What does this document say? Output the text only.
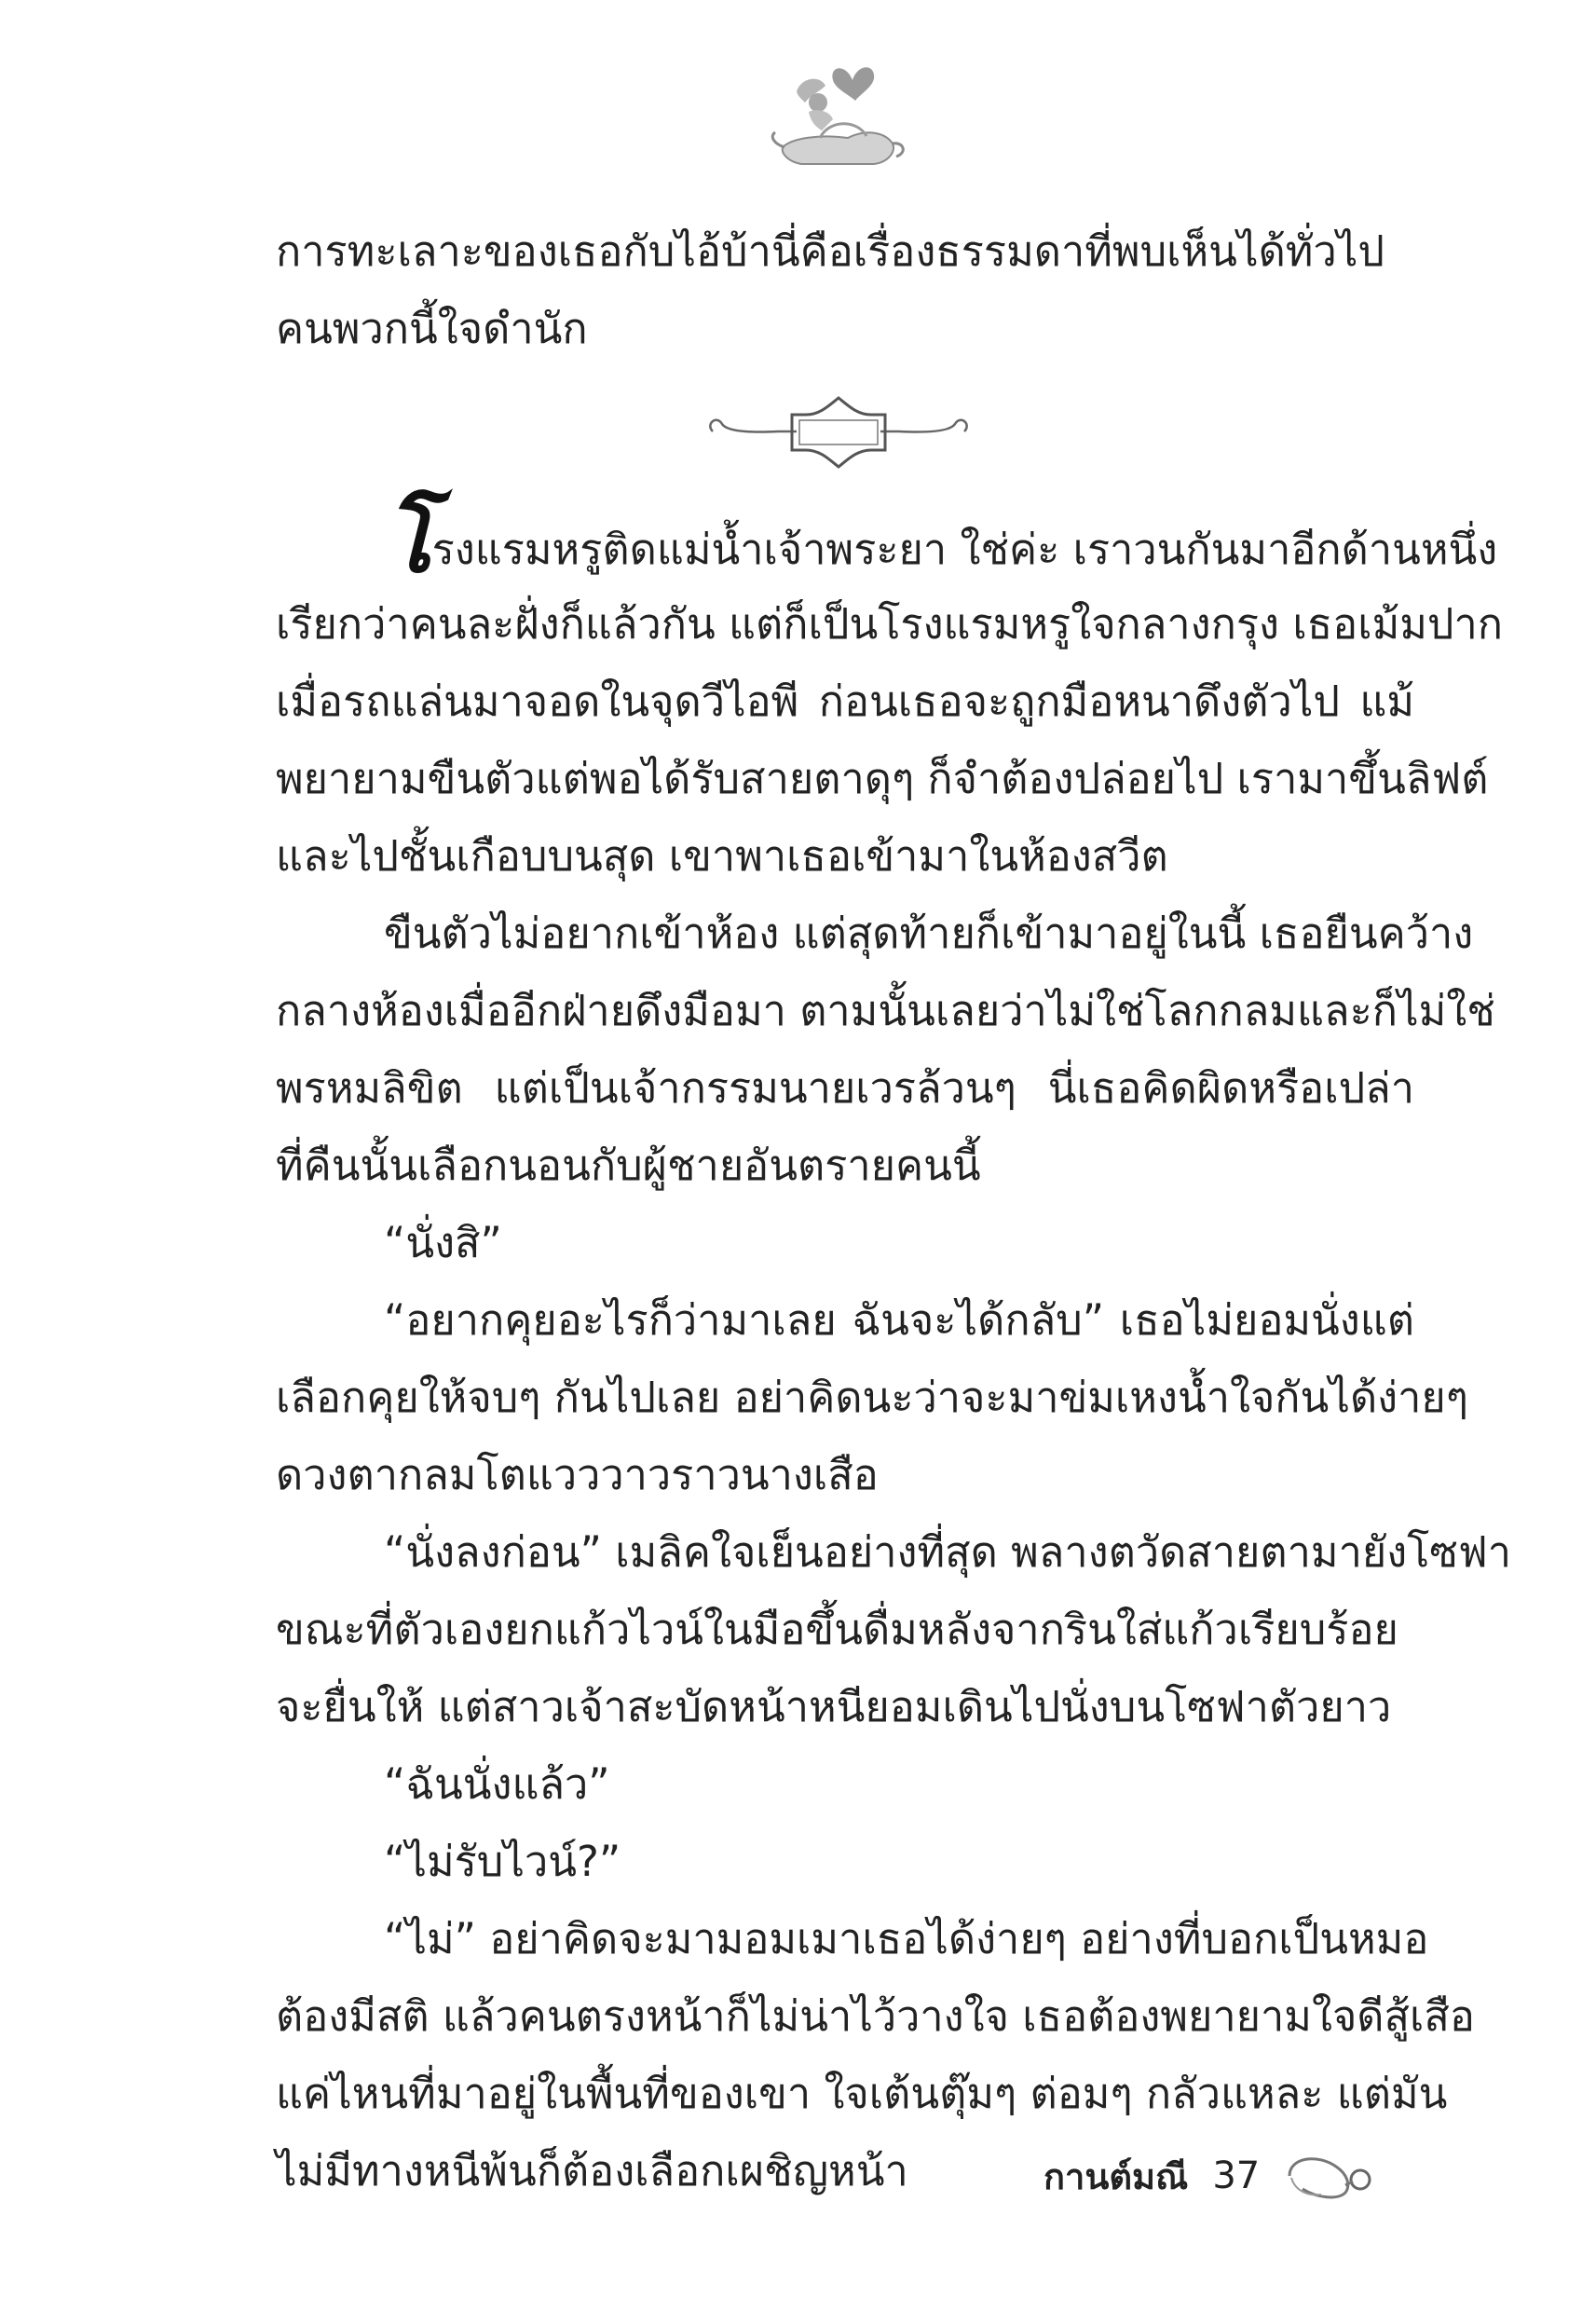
การทะเลาะของเธอกับไอ้บ้านี่คือเรื่องธรรมดาที่พบเห็นได้ทั่วไป
คนพวกนี้ใจดำนัก
โรงแรมหรูติดแม่น้ำเจ้าพระยา ใช่ค่ะ เราวนกันมาอีกด้านหนึ่ง
เรียกว่าคนละฝั่งก็แล้วกัน แต่ก็เป็นโรงแรมหรูใจกลางกรุง เธอเม้มปาก
เมื่อรถแล่นมาจอดในจุดวีไอพี ก่อนเธอจะถูกมือหนาดึงตัวไป แม้
พยายามขืนตัวแต่พอได้รับสายตาดุๆ ก็จำต้องปล่อยไป เรามาขึ้นลิฟต์
และไปชั้นเกือบบนสุด เขาพาเธอเข้ามาในห้องสวีต
ขืนตัวไม่อยากเข้าห้อง แต่สุดท้ายก็เข้ามาอยู่ในนี้ เธอยืนคว้าง
กลางห้องเมื่ออีกฝ่ายดึงมือมา ตามนั้นเลยว่าไม่ใช่โลกกลมและก็ไม่ใช่
พรหมลิขิต แต่เป็นเจ้ากรรมนายเวรล้วนๆ นี่เธอคิดผิดหรือเปล่า
ที่คืนนั้นเลือกนอนกับผู้ชายอันตรายคนนี้
“นั่งสิ”
“อยากคุยอะไรก็ว่ามาเลย ฉันจะได้กลับ” เธอไม่ยอมนั่งแต่
เลือกคุยให้จบๆ กันไปเลย อย่าคิดนะว่าจะมาข่มเหงน้ำใจกันได้ง่ายๆ
ดวงตากลมโตแวววาวราวนางเสือ
“นั่งลงก่อน” เมลิคใจเย็นอย่างที่สุด พลางตวัดสายตามายังโซฟา
ขณะที่ตัวเองยกแก้วไวน์ในมือขึ้นดื่มหลังจากรินใส่แก้วเรียบร้อย
จะยื่นให้ แต่สาวเจ้าสะบัดหน้าหนียอมเดินไปนั่งบนโซฟาตัวยาว
“ฉันนั่งแล้ว”
“ไม่รับไวน์?”
“ไม่” อย่าคิดจะมามอมเมาเธอได้ง่ายๆ อย่างที่บอกเป็นหมอ
ต้องมีสติ แล้วคนตรงหน้าก็ไม่น่าไว้วางใจ เธอต้องพยายามใจดีสู้เสือ
แค่ไหนที่มาอยู่ในพื้นที่ของเขา ใจเต้นตุ๊มๆ ต่อมๆ กลัวแหละ แต่มัน
ไม่มีทางหนีพ้นก็ต้องเลือกเผชิญหน้า	กานต์มณี 37
